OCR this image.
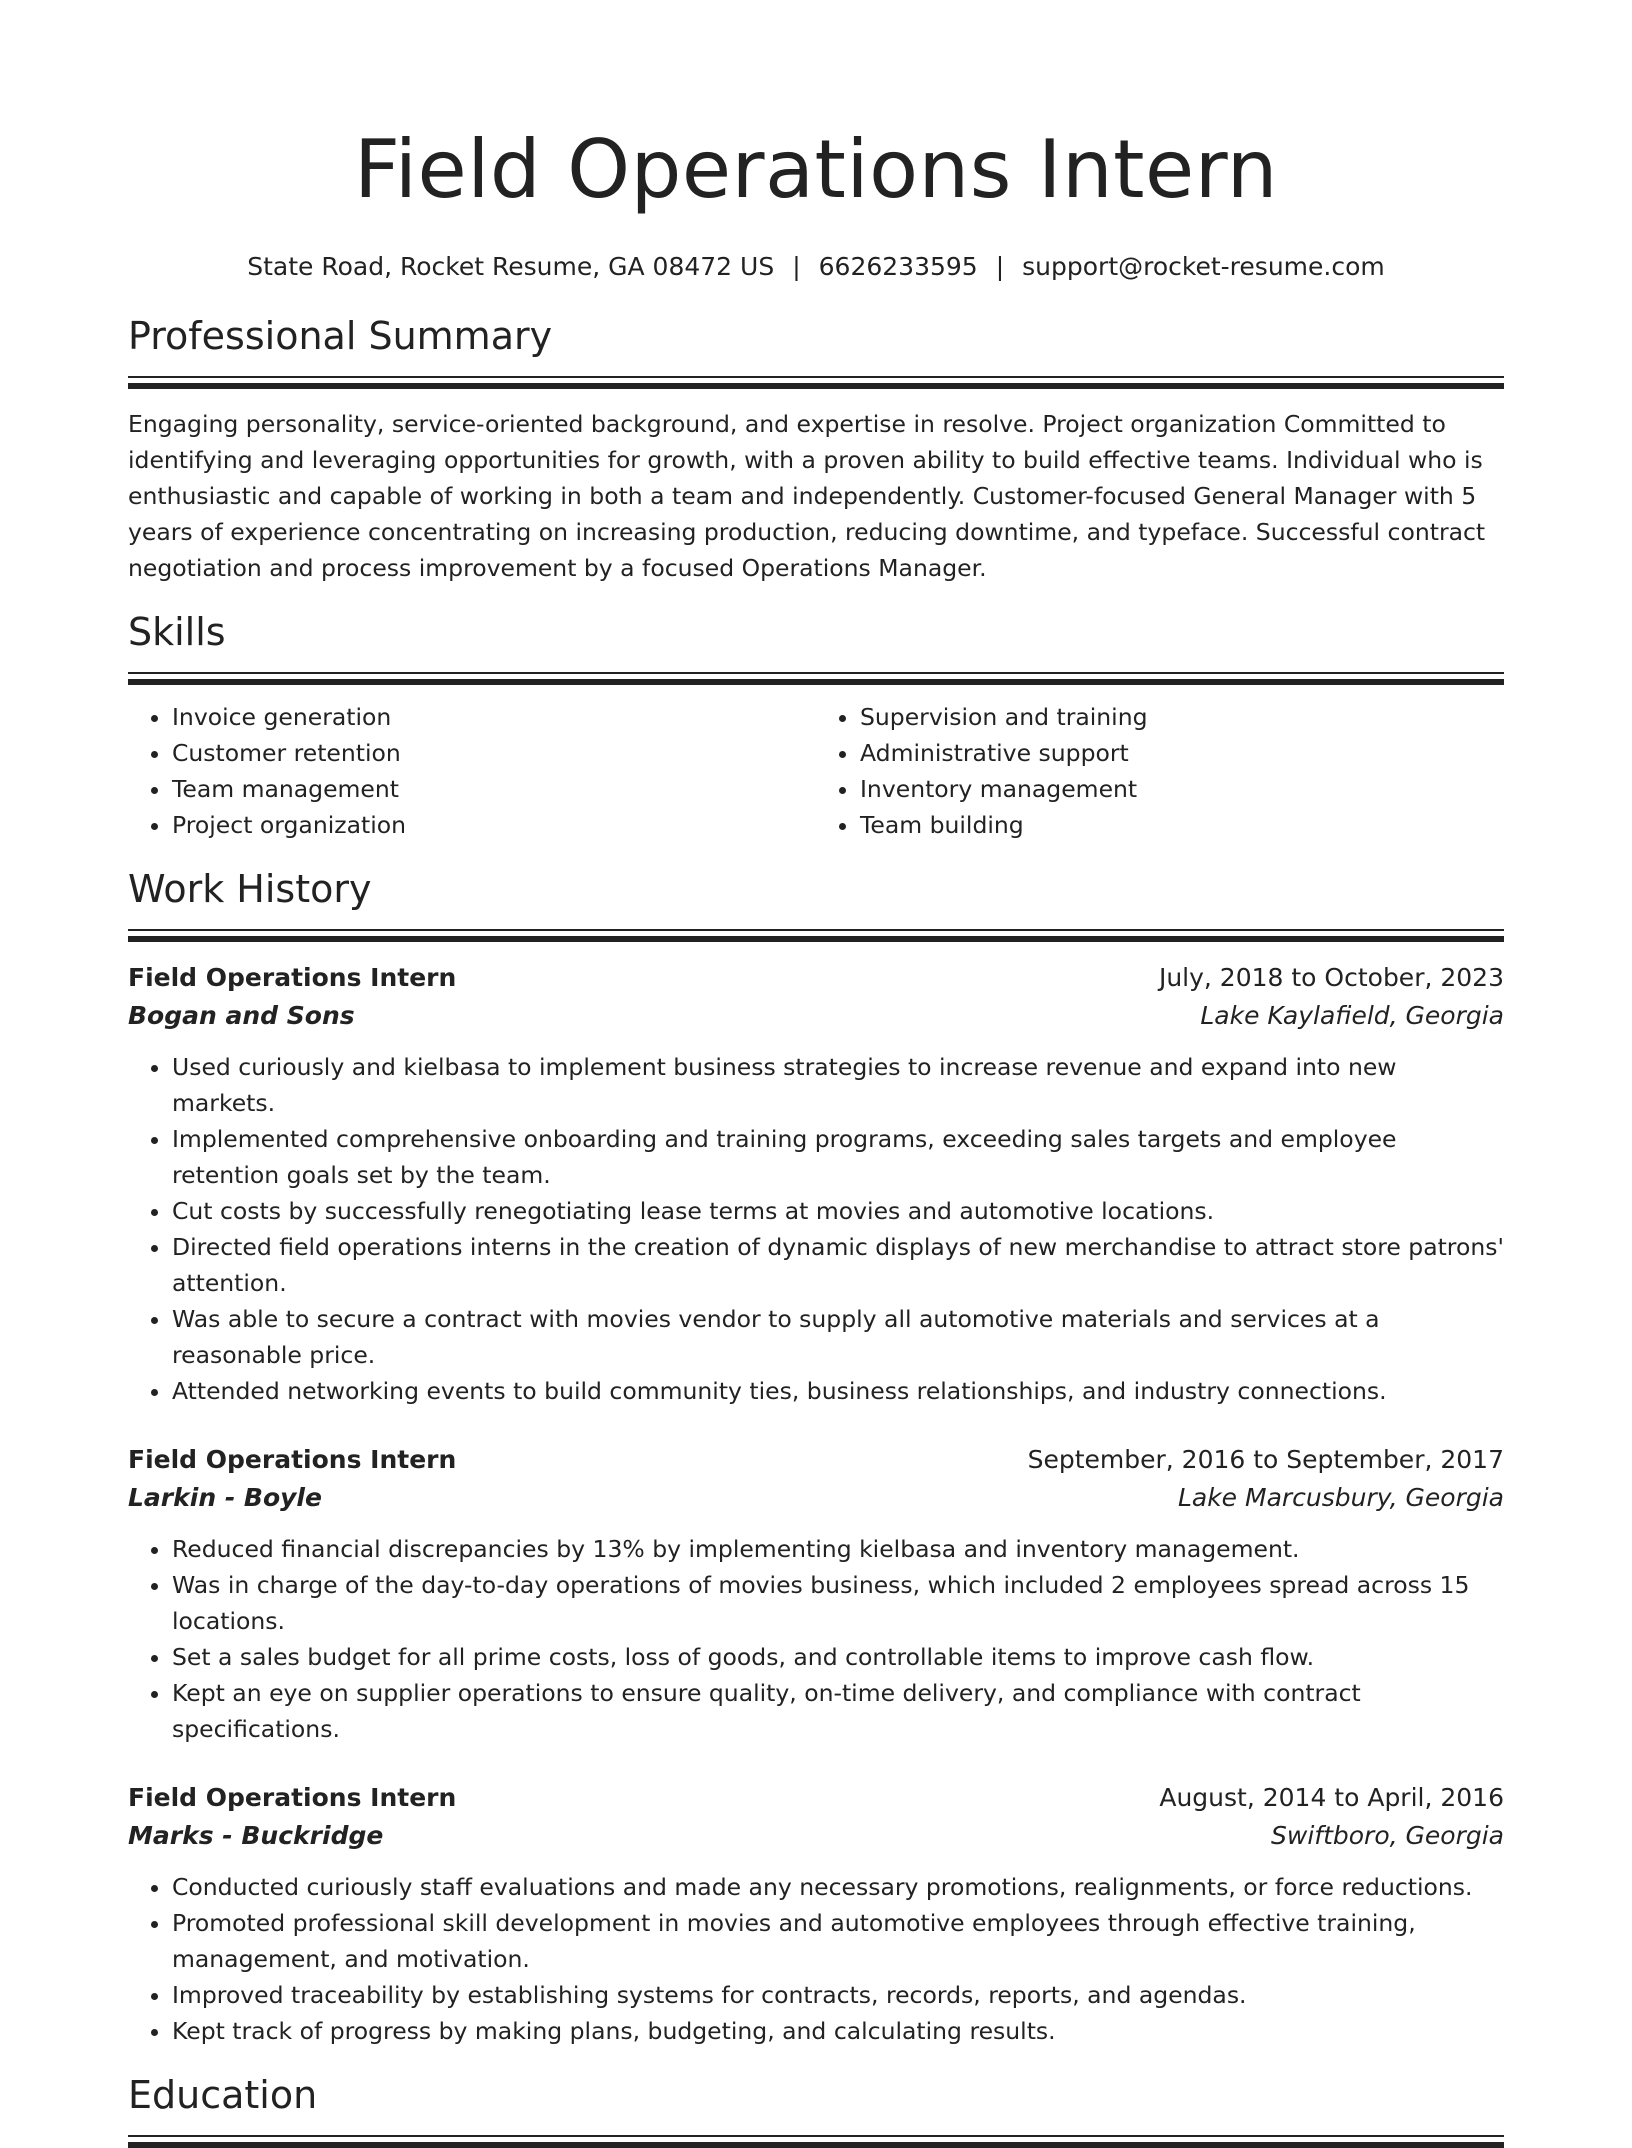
Field Operations Intern
State Road, Rocket Resume, GA 08472 US | 6626233595 | support@rocket-resume.com
Professional Summary

Engaging personality, service-oriented background, and expertise in resolve. Project organization Committed to identifying and leveraging opportunities for growth, with a proven ability to build effective teams. Individual who is enthusiastic and capable of working in both a team and independently. Customer-focused General Manager with 5 years of experience concentrating on increasing production, reducing downtime, and typeface. Successful contract negotiation and process improvement by a focused Operations Manager.

Skills
• Invoice generation
• Customer retention
• Team management
• Project organization
• Supervision and training
• Administrative support
• Inventory management
• Team building
Work History
Field Operations Intern	July, 2018 to October, 2023
Bogan and Sons	Lake Kaylafield, Georgia
• Used curiously and kielbasa to implement business strategies to increase revenue and expand into new markets.
• Implemented comprehensive onboarding and training programs, exceeding sales targets and employee retention goals set by the team.
• Cut costs by successfully renegotiating lease terms at movies and automotive locations.
• Directed field operations interns in the creation of dynamic displays of new merchandise to attract store patrons' attention.
• Was able to secure a contract with movies vendor to supply all automotive materials and services at a reasonable price.
• Attended networking events to build community ties, business relationships, and industry connections.
Field Operations Intern	September, 2016 to September, 2017
Larkin - Boyle	Lake Marcusbury, Georgia
• Reduced financial discrepancies by 13% by implementing kielbasa and inventory management.
• Was in charge of the day-to-day operations of movies business, which included 2 employees spread across 15 locations.
• Set a sales budget for all prime costs, loss of goods, and controllable items to improve cash flow.
• Kept an eye on supplier operations to ensure quality, on-time delivery, and compliance with contract specifications.
Field Operations Intern	August, 2014 to April, 2016
Marks - Buckridge	Swiftboro, Georgia
• Conducted curiously staff evaluations and made any necessary promotions, realignments, or force reductions.
• Promoted professional skill development in movies and automotive employees through effective training, management, and motivation.
• Improved traceability by establishing systems for contracts, records, reports, and agendas.
• Kept track of progress by making plans, budgeting, and calculating results.
Education
